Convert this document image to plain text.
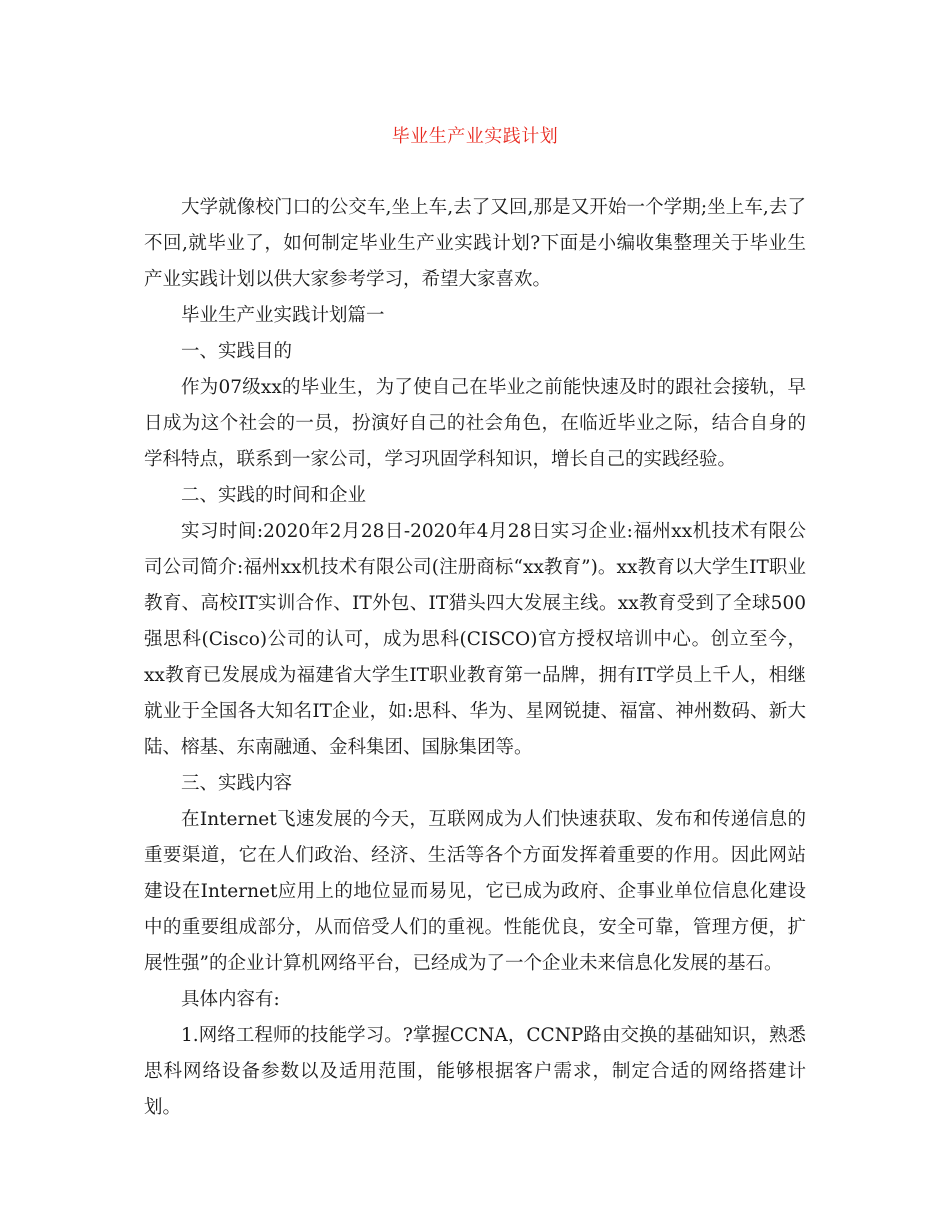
毕业生产业实践计划

大学就像校门口的公交车,坐上车,去了又回,那是又开始一个学期;坐上车,去了不回,就毕业了，如何制定毕业生产业实践计划?下面是小编收集整理关于毕业生产业实践计划以供大家参考学习，希望大家喜欢。

毕业生产业实践计划篇一

一、实践目的

作为07级xx的毕业生，为了使自己在毕业之前能快速及时的跟社会接轨，早日成为这个社会的一员，扮演好自己的社会角色，在临近毕业之际，结合自身的学科特点，联系到一家公司，学习巩固学科知识，增长自己的实践经验。

二、实践的时间和企业

实习时间:2020年2月28日-2020年4月28日实习企业:福州xx机技术有限公司公司简介:福州xx机技术有限公司(注册商标“xx教育”)。xx教育以大学生IT职业教育、高校IT实训合作、IT外包、IT猎头四大发展主线。xx教育受到了全球500强思科(Cisco)公司的认可，成为思科(CISCO)官方授权培训中心。创立至今，xx教育已发展成为福建省大学生IT职业教育第一品牌，拥有IT学员上千人，相继就业于全国各大知名IT企业，如:思科、华为、星网锐捷、福富、神州数码、新大陆、榕基、东南融通、金科集团、国脉集团等。

三、实践内容

在Internet飞速发展的今天，互联网成为人们快速获取、发布和传递信息的重要渠道，它在人们政治、经济、生活等各个方面发挥着重要的作用。因此网站建设在Internet应用上的地位显而易见，它已成为政府、企事业单位信息化建设中的重要组成部分，从而倍受人们的重视。性能优良，安全可靠，管理方便，扩展性强”的企业计算机网络平台，已经成为了一个企业未来信息化发展的基石。

具体内容有:

1.网络工程师的技能学习。?掌握CCNA，CCNP路由交换的基础知识，熟悉思科网络设备参数以及适用范围，能够根据客户需求，制定合适的网络搭建计划。
